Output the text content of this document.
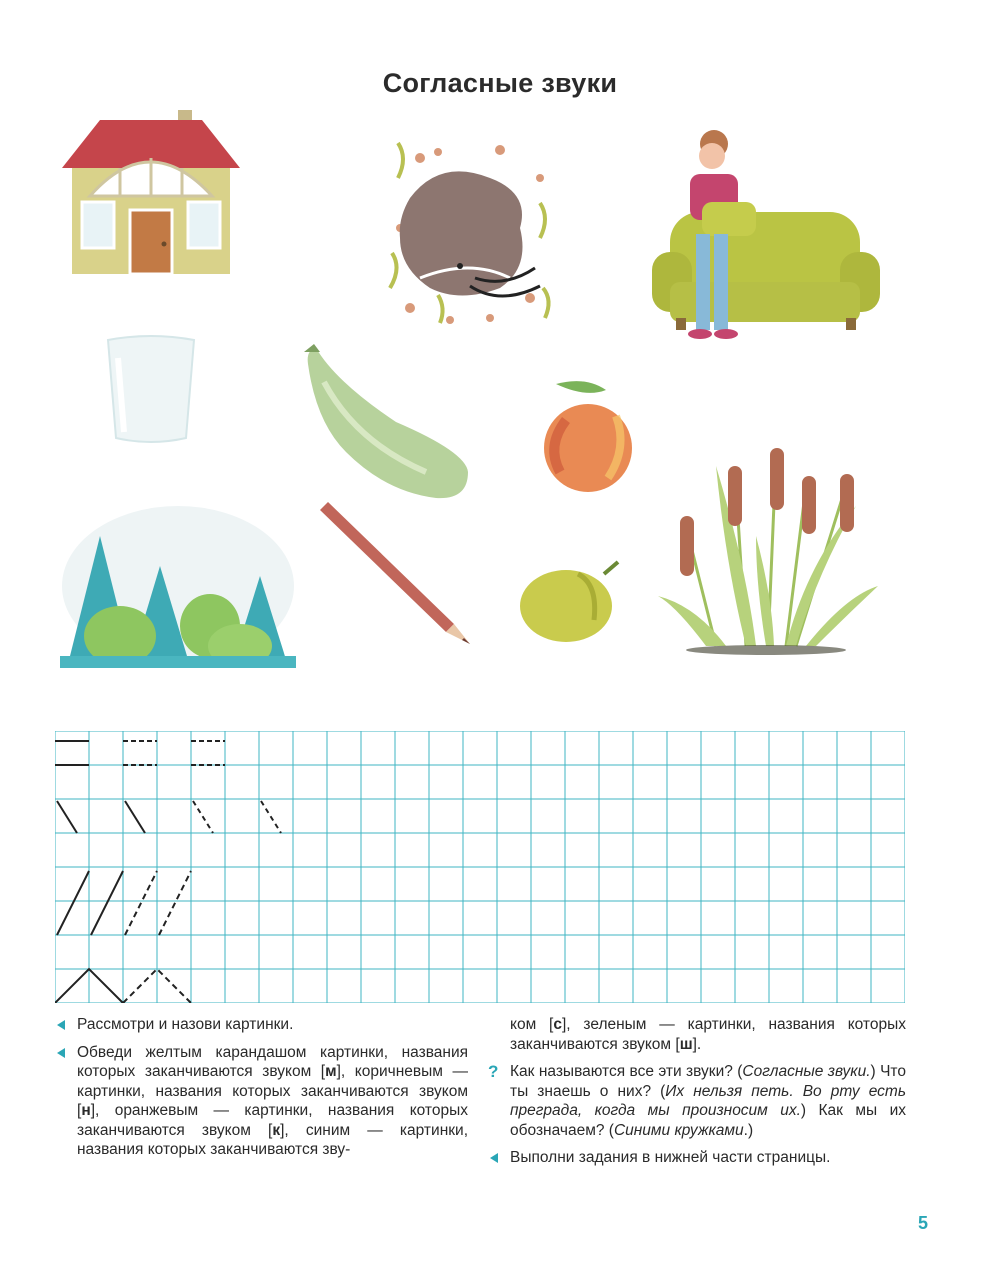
Согласные звуки

Рассмотри и назови картинки.

Обведи желтым карандашом картинки, названия которых заканчиваются звуком [м], коричневым — картинки, названия которых заканчиваются звуком [н], оранжевым — картинки, названия которых заканчиваются звуком [к], синим — картинки, названия которых заканчиваются зву-

ком [с], зеленым — картинки, названия которых заканчиваются звуком [ш].

? Как называются все эти звуки? (Согласные звуки.) Что ты знаешь о них? (Их нельзя петь. Во рту есть преграда, когда мы произносим их.) Как мы их обозначаем? (Синими кружками.)

Выполни задания в нижней части страницы.

5
